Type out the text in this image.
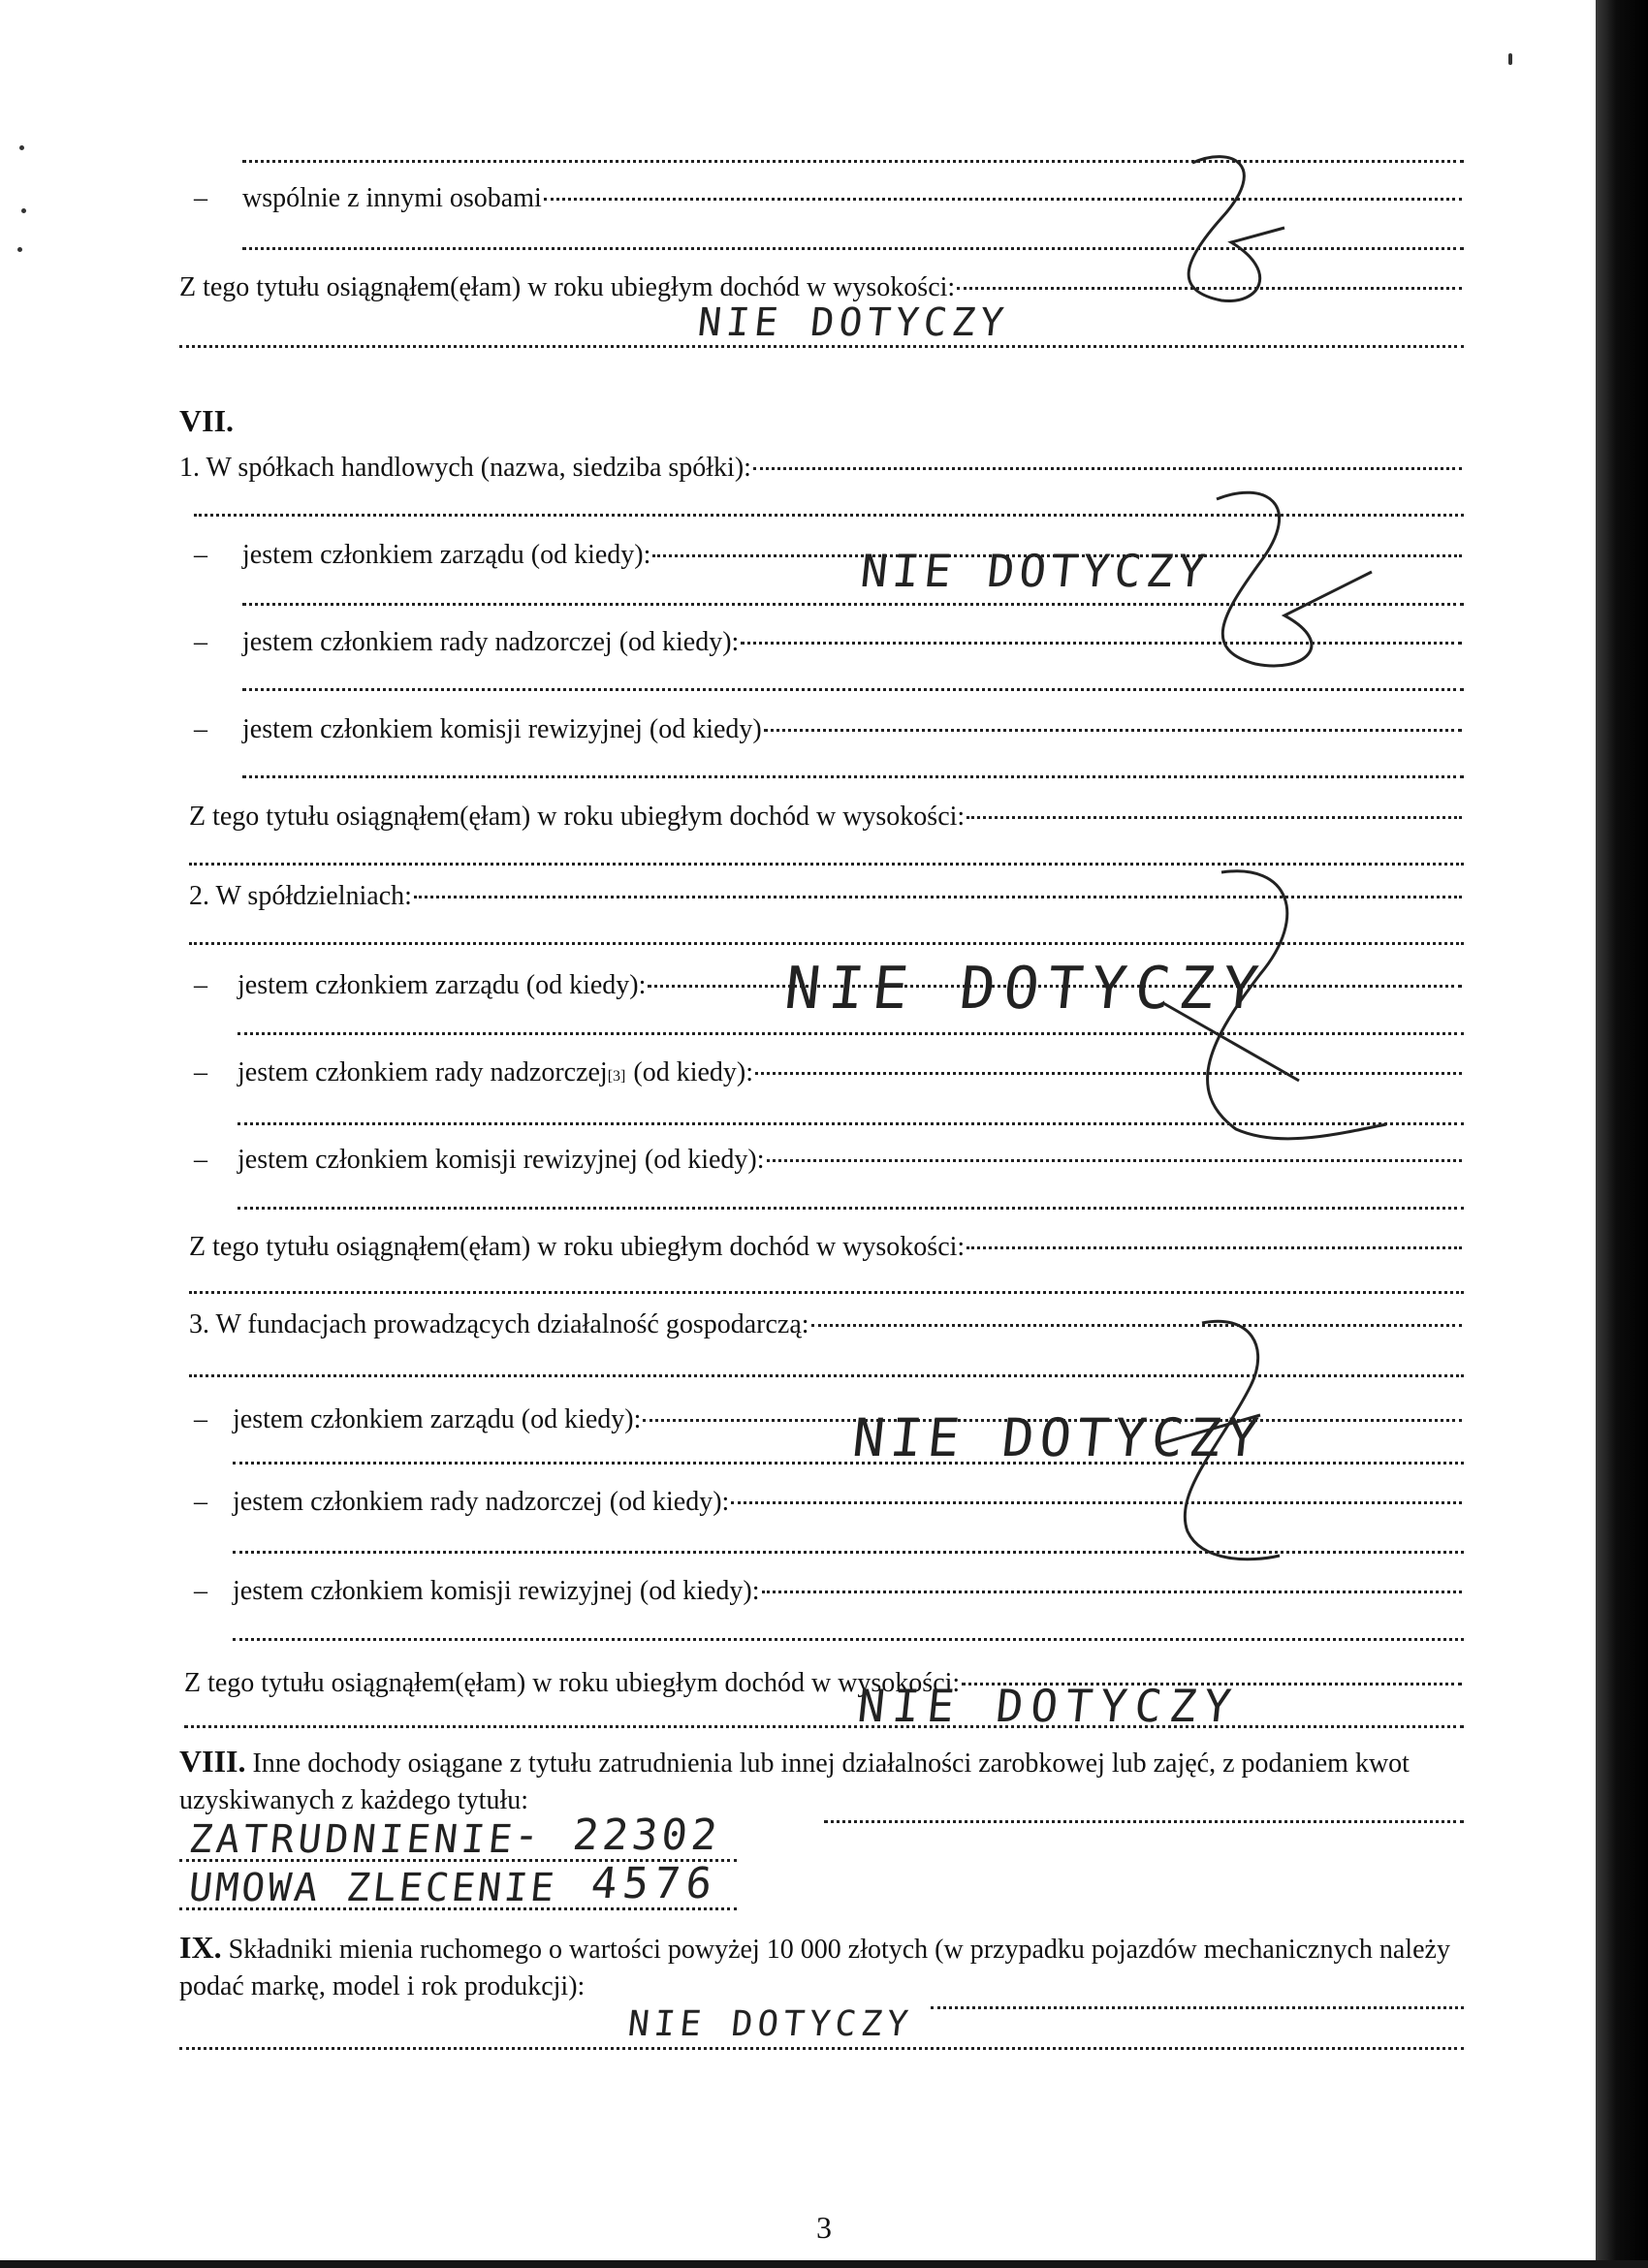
– wspólnie z innymi osobami
Z tego tytułu osiągnąłem(ęłam) w roku ubiegłym dochód w wysokości:
NIE DOTYCZY
VII.
1. W spółkach handlowych (nazwa, siedziba spółki):
– jestem członkiem zarządu (od kiedy):
– jestem członkiem rady nadzorczej (od kiedy):
– jestem członkiem komisji rewizyjnej (od kiedy)
Z tego tytułu osiągnąłem(ęłam) w roku ubiegłym dochód w wysokości:
NIE DOTYCZY
2. W spółdzielniach:
– jestem członkiem zarządu (od kiedy):
– jestem członkiem rady nadzorczej [3] (od kiedy):
– jestem członkiem komisji rewizyjnej (od kiedy):
Z tego tytułu osiągnąłem(ęłam) w roku ubiegłym dochód w wysokości:
NIE DOTYCZY
3. W fundacjach prowadzących działalność gospodarczą:
– jestem członkiem zarządu (od kiedy):
– jestem członkiem rady nadzorczej (od kiedy):
– jestem członkiem komisji rewizyjnej (od kiedy):
Z tego tytułu osiągnąłem(ęłam) w roku ubiegłym dochód w wysokości:
NIE DOTYCZY
NIE DOTYCZY
VIII. Inne dochody osiągane z tytułu zatrudnienia lub innej działalności zarobkowej lub zajęć, z podaniem kwot uzyskiwanych z każdego tytułu:
ZATRUDNIENIE
- 22302
UMOWA ZLECENIE 4576
IX. Składniki mienia ruchomego o wartości powyżej 10 000 złotych (w przypadku pojazdów mechanicznych należy podać markę, model i rok produkcji):
NIE DOTYCZY
3
